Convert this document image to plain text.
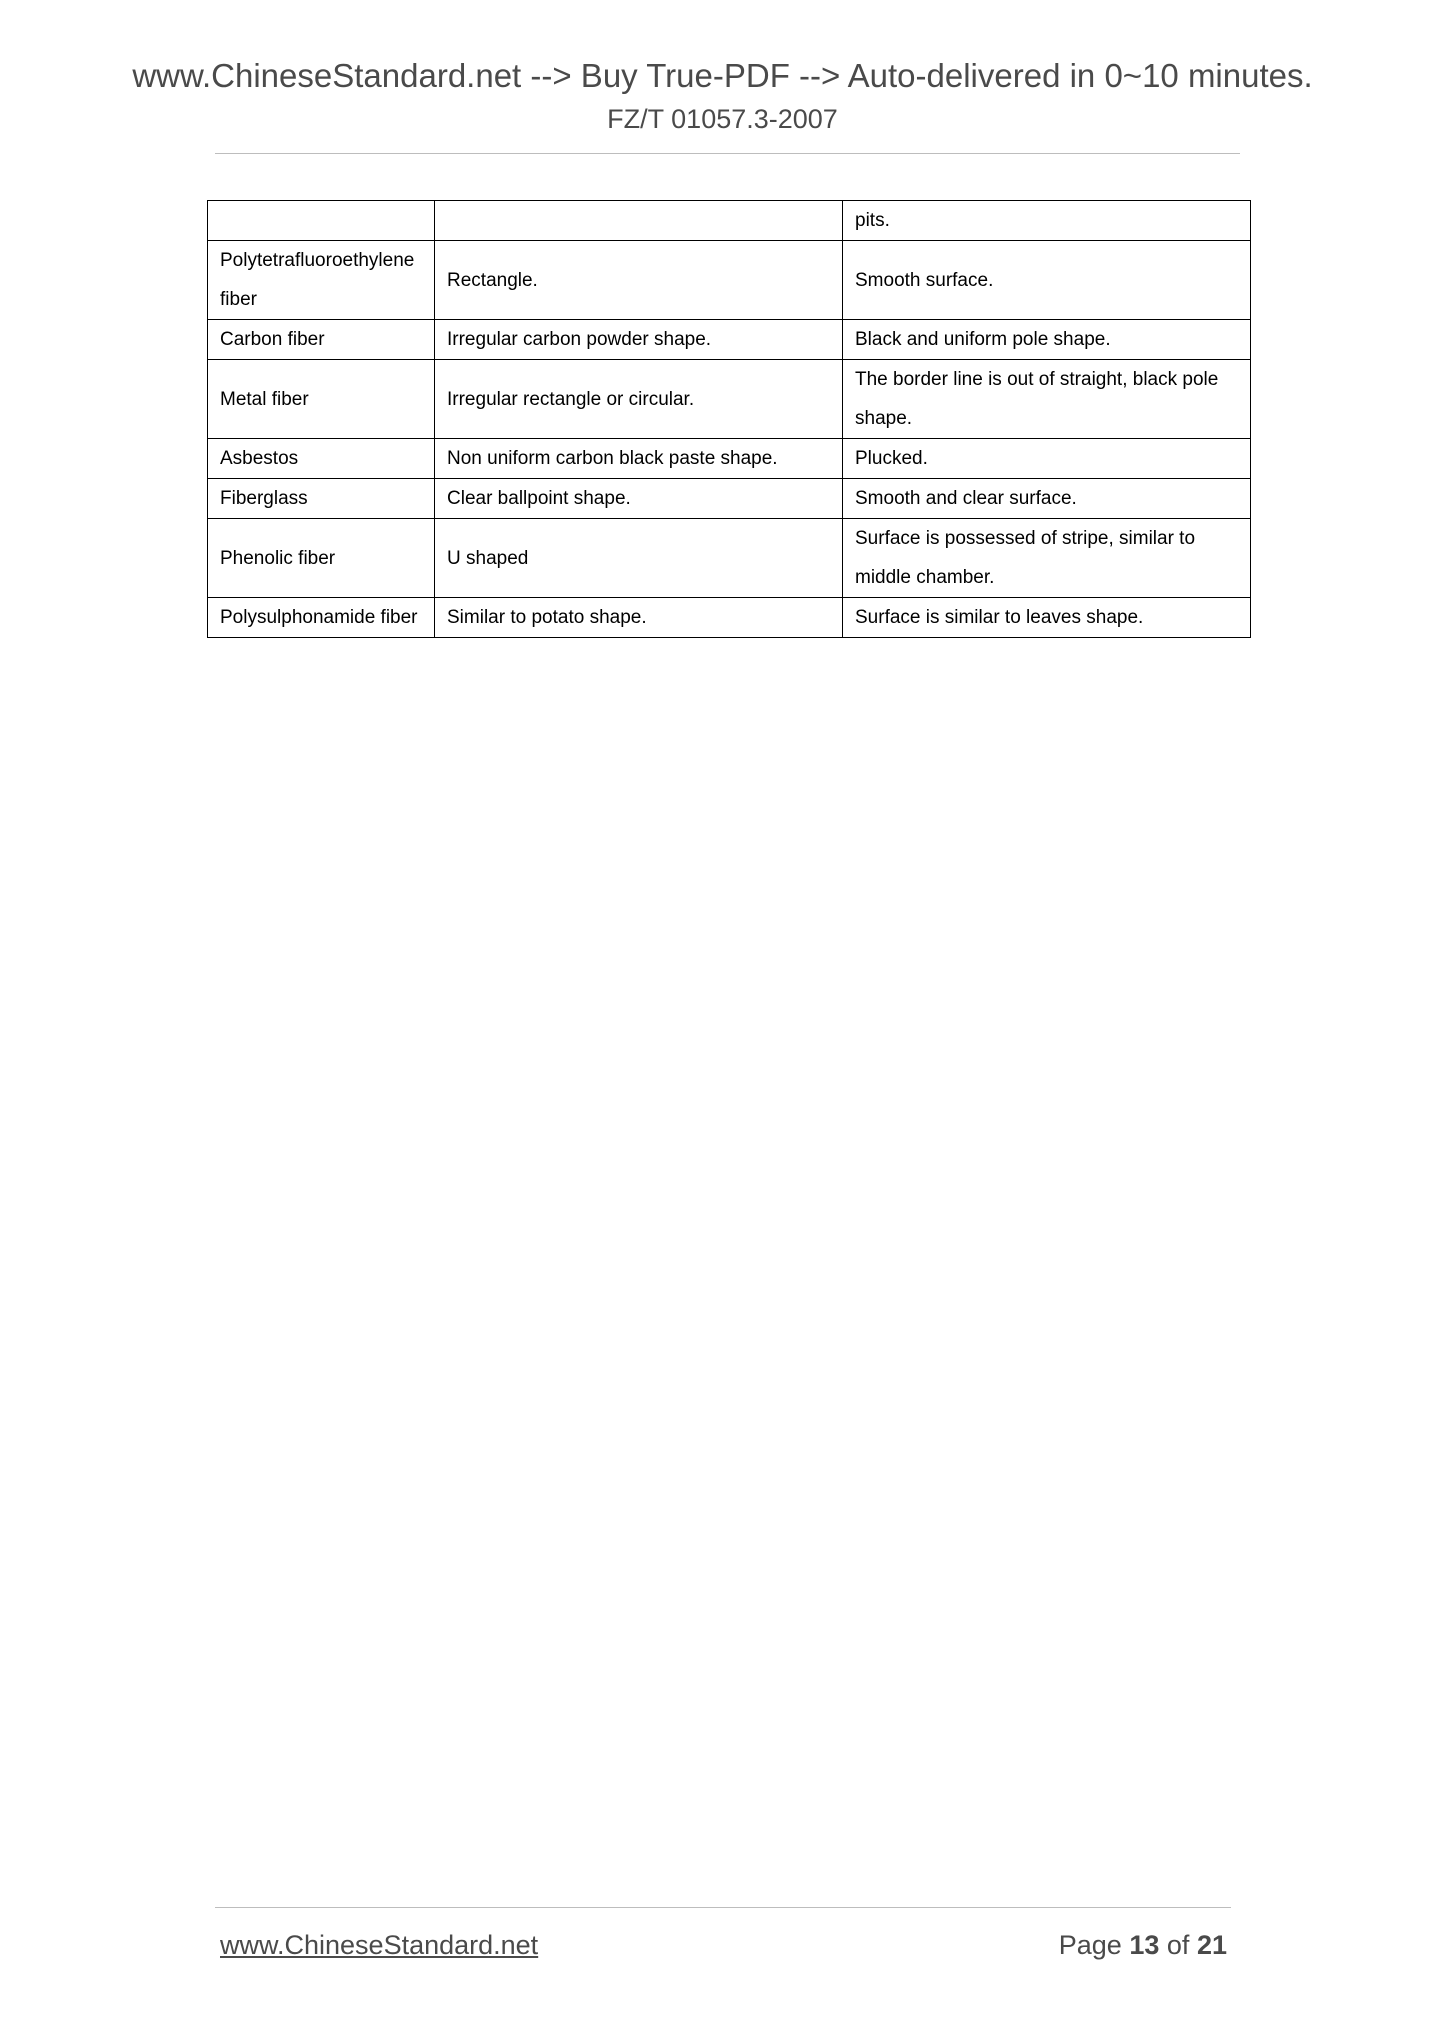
www.ChineseStandard.net --> Buy True-PDF --> Auto-delivered in 0~10 minutes.
FZ/T 01057.3-2007
		pits.
Polytetrafluoroethylene fiber	Rectangle.	Smooth surface.
Carbon fiber	Irregular carbon powder shape.	Black and uniform pole shape.
Metal fiber	Irregular rectangle or circular.	The border line is out of straight, black pole shape.
Asbestos	Non uniform carbon black paste shape.	Plucked.
Fiberglass	Clear ballpoint shape.	Smooth and clear surface.
Phenolic fiber	U shaped	Surface is possessed of stripe, similar to middle chamber.
Polysulphonamide fiber	Similar to potato shape.	Surface is similar to leaves shape.
www.ChineseStandard.net	Page 13 of 21
